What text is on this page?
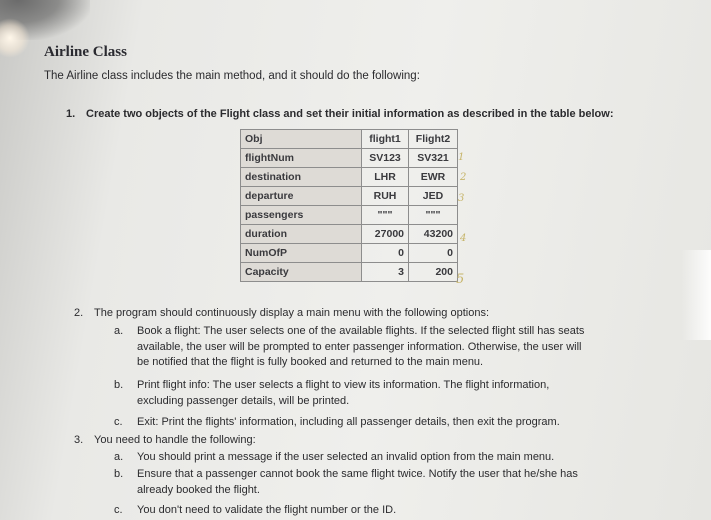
Airline Class
The Airline class includes the main method, and it should do the following:
1. Create two objects of the Flight class and set their initial information as described in the table below:
Obj	flight1	Flight2
flightNum	SV123	SV321
destination	LHR	EWR
departure	RUH	JED
passengers	"""	"""
duration	27000	43200
NumOfP	0	0
Capacity	3	200
1
2
3
4
5
2. The program should continuously display a main menu with the following options:
a. Book a flight: The user selects one of the available flights. If the selected flight still has seats
available, the user will be prompted to enter passenger information. Otherwise, the user will
be notified that the flight is fully booked and returned to the main menu.
b. Print flight info: The user selects a flight to view its information. The flight information,
excluding passenger details, will be printed.
c. Exit: Print the flights' information, including all passenger details, then exit the program.
3. You need to handle the following:
a. You should print a message if the user selected an invalid option from the main menu.
b. Ensure that a passenger cannot book the same flight twice. Notify the user that he/she has
already booked the flight.
c. You don't need to validate the flight number or the ID.
